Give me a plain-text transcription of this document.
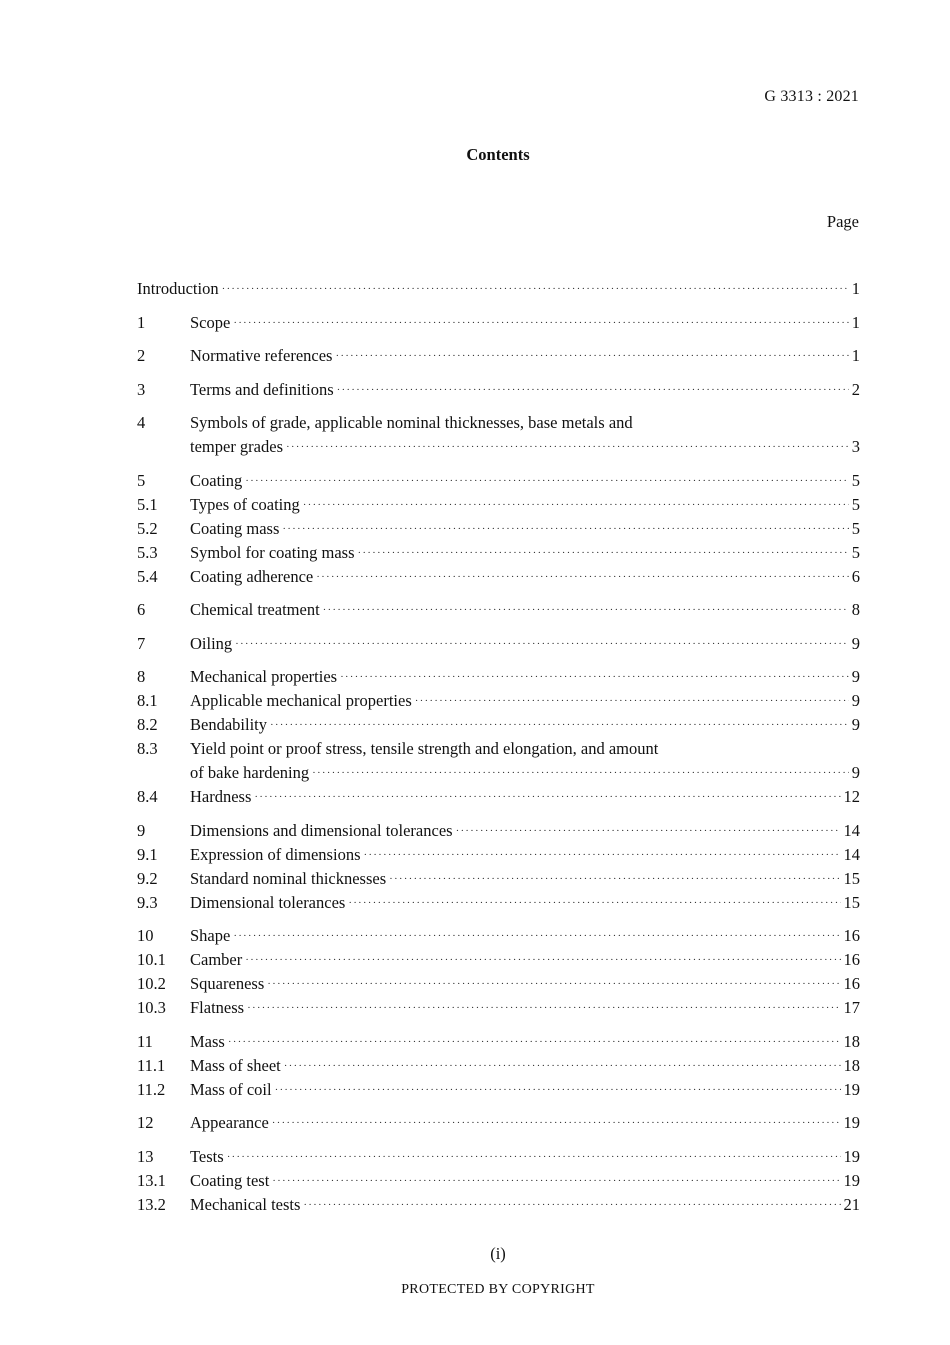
G 3313 : 2021
Contents
Page
Introduction ·····	1
1	Scope ·····	1
2	Normative references ·····	1
3	Terms and definitions ·····	2
4	Symbols of grade, applicable nominal thicknesses, base metals and
temper grades ·····	3
5	Coating ·····	5
5.1	Types of coating ·····	5
5.2	Coating mass ·····	5
5.3	Symbol for coating mass ·····	5
5.4	Coating adherence ·····	6
6	Chemical treatment ·····	8
7	Oiling ·····	9
8	Mechanical properties ·····	9
8.1	Applicable mechanical properties ·····	9
8.2	Bendability ·····	9
8.3	Yield point or proof stress, tensile strength and elongation, and amount
of bake hardening ·····	9
8.4	Hardness ·····	12
9	Dimensions and dimensional tolerances ·····	14
9.1	Expression of dimensions ·····	14
9.2	Standard nominal thicknesses ·····	15
9.3	Dimensional tolerances ·····	15
10	Shape ·····	16
10.1	Camber ·····	16
10.2	Squareness ·····	16
10.3	Flatness ·····	17
11	Mass ·····	18
11.1	Mass of sheet ·····	18
11.2	Mass of coil ·····	19
12	Appearance ·····	19
13	Tests ·····	19
13.1	Coating test ·····	19
13.2	Mechanical tests ·····	21
(i)
PROTECTED BY COPYRIGHT
